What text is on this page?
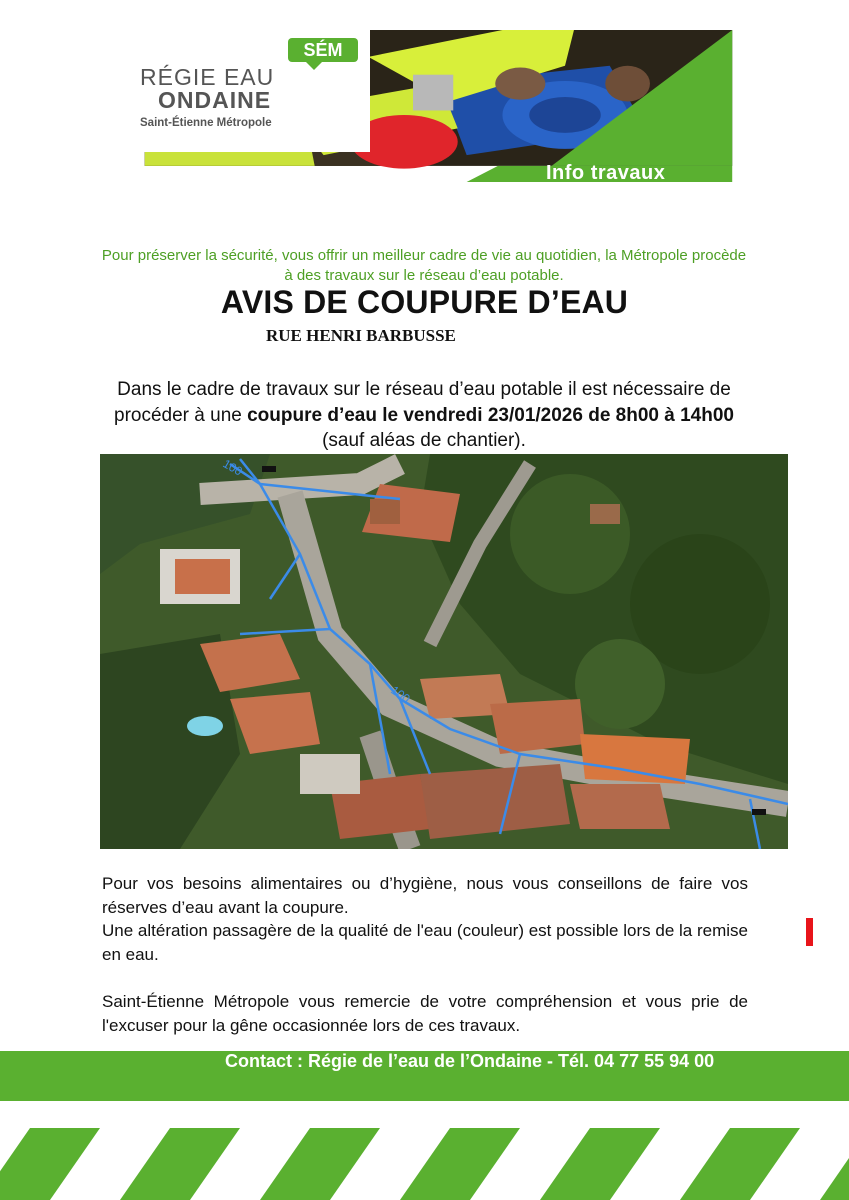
SÉM
RÉGIE EAU
ONDAINE
Saint-Étienne Métropole
Info travaux
Pour préserver la sécurité, vous offrir un meilleur cadre de vie au quotidien, la Métropole procède à des travaux sur le réseau d’eau potable.
AVIS DE COUPURE D’EAU
RUE HENRI BARBUSSE
Dans le cadre de travaux sur le réseau d’eau potable il est nécessaire de procéder à une coupure d’eau le vendredi 23/01/2026 de 8h00 à 14h00 (sauf aléas de chantier).
100
100

Pour vos besoins alimentaires ou d’hygiène, nous vous conseillons de faire vos réserves d’eau avant la coupure.

Une altération passagère de la qualité de l'eau (couleur) est possible lors de la remise en eau.

Saint-Étienne Métropole vous remercie de votre compréhension et vous prie de l'excuser pour la gêne occasionnée lors de ces travaux.

Contact : Régie de l’eau de l’Ondaine - Tél. 04 77 55 94 00
